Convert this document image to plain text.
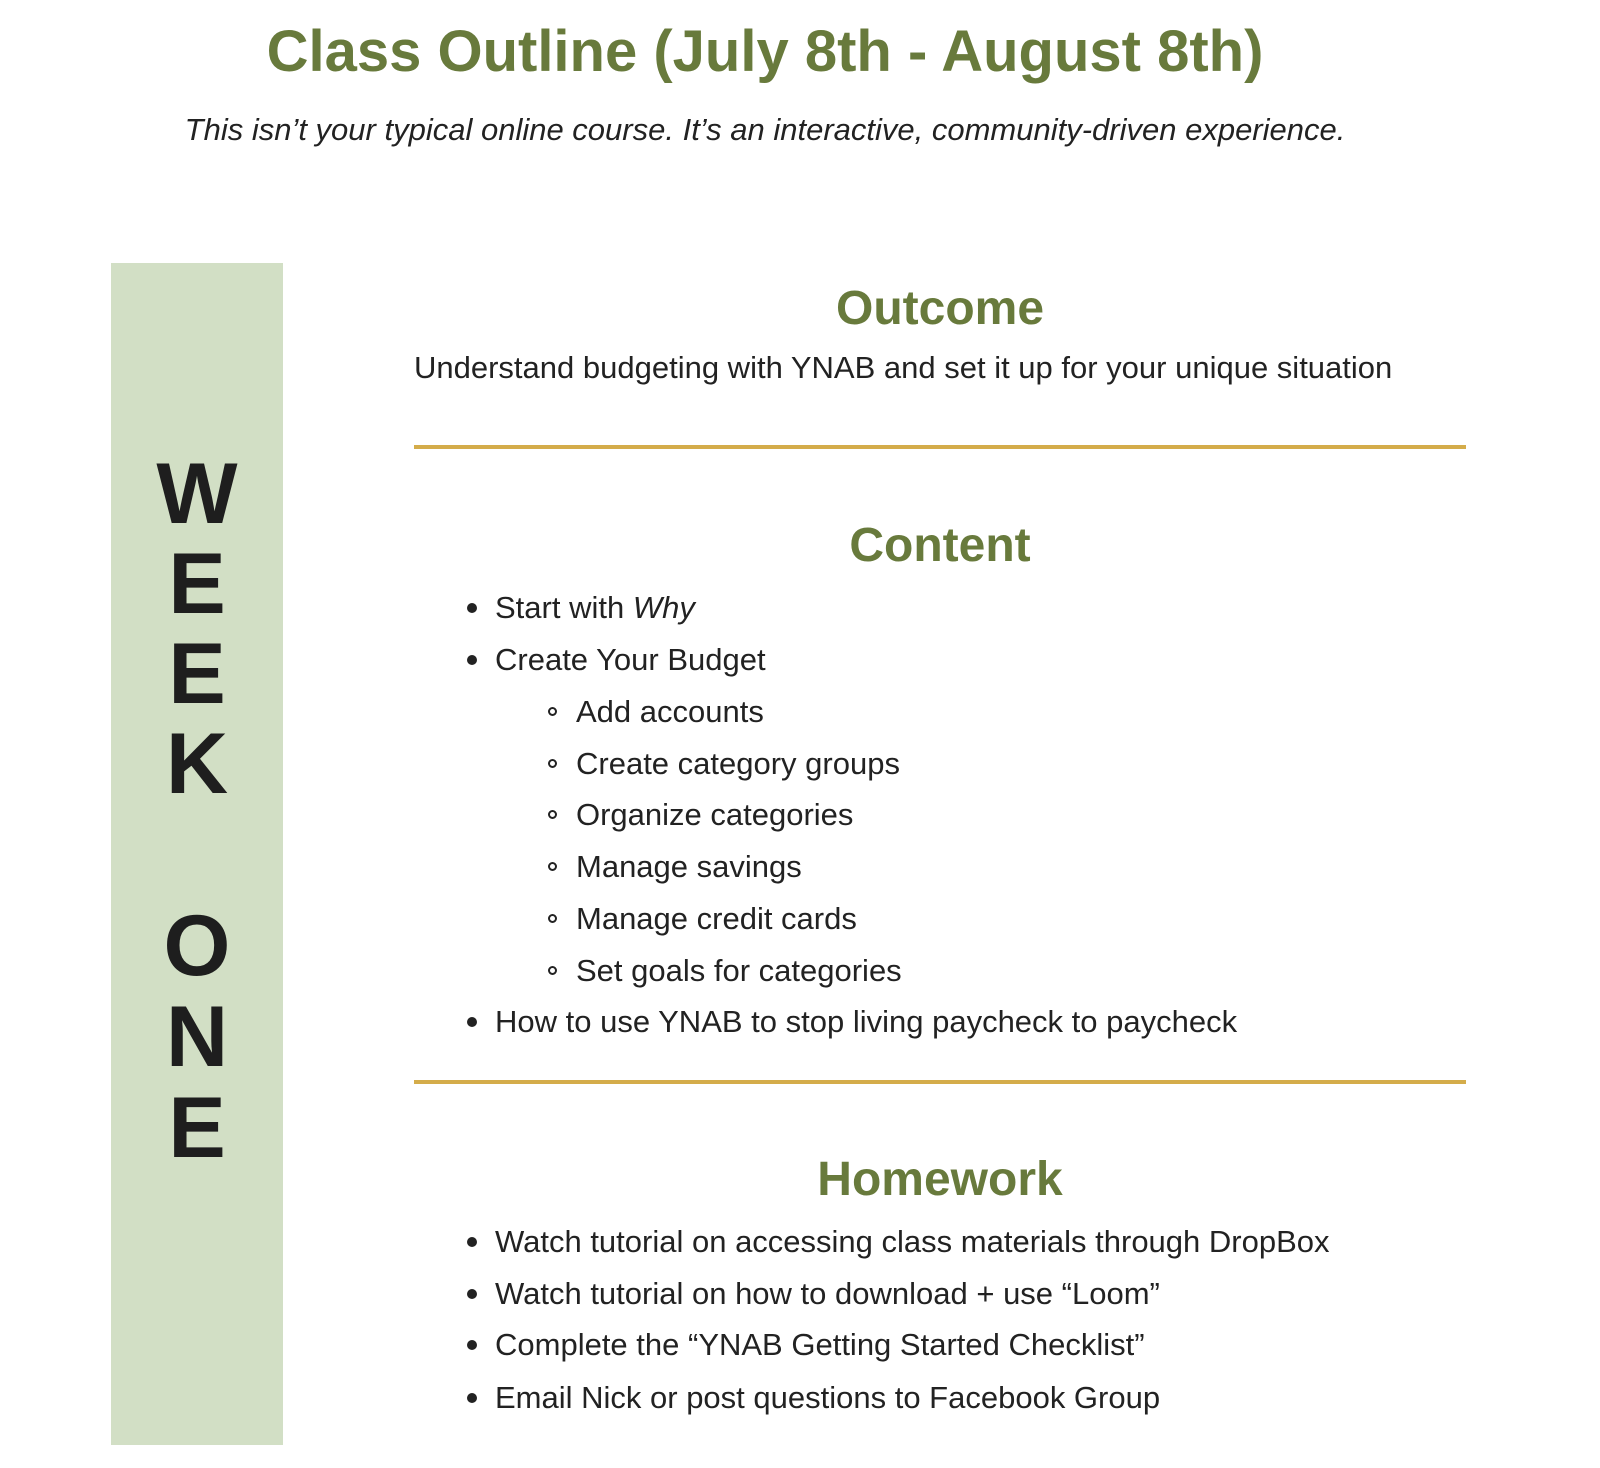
Class Outline (July 8th - August 8th)

This isn’t your typical online course. It’s an interactive, community-driven experience.

W
E
E
K
O
N
E
Outcome

Understand budgeting with YNAB and set it up for your unique situation

Content
Start with Why
Create Your Budget
Add accounts
Create category groups
Organize categories
Manage savings
Manage credit cards
Set goals for categories
How to use YNAB to stop living paycheck to paycheck
Homework
Watch tutorial on accessing class materials through DropBox
Watch tutorial on how to download + use “Loom”
Complete the “YNAB Getting Started Checklist”
Email Nick or post questions to Facebook Group
